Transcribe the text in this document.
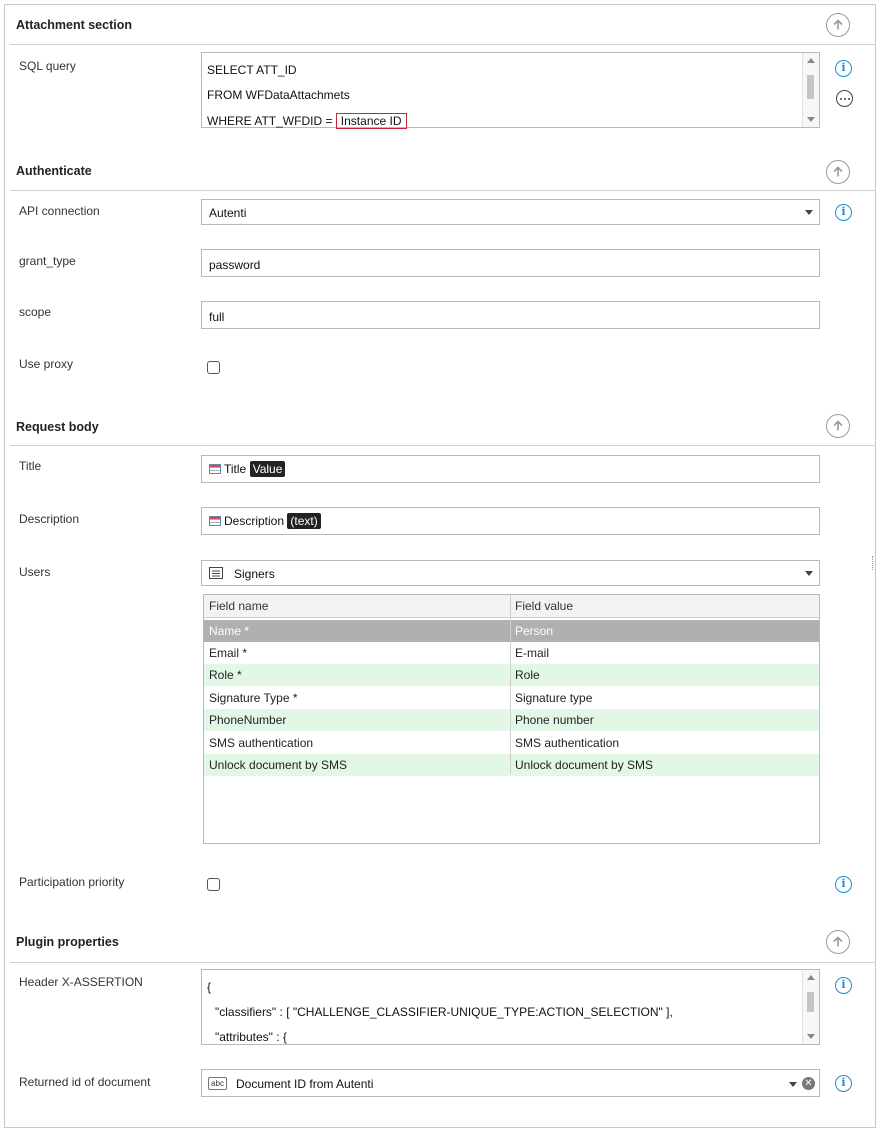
Attachment section
SQL query	SELECT ATT_ID
FROM WFDataAttachmets
WHERE ATT_WFDID = Instance ID
i
Authenticate
API connection	Autenti	i
grant_type	password
scope	full
Use proxy
Request body
Title	Title Value
Description	Description (text)
Users	Signers
Field name	Field value
Name *	Person
Email *	E-mail
Role *	Role
Signature Type *	Signature type
PhoneNumber	Phone number
SMS authentication	SMS authentication
Unlock document by SMS	Unlock document by SMS
Participation priority	i
Plugin properties
Header X-ASSERTION	{
"classifiers" : [ "CHALLENGE_CLASSIFIER-UNIQUE_TYPE:ACTION_SELECTION" ],
"attributes" : {
i
Returned id of document	abc Document ID from Autenti	✕	i
